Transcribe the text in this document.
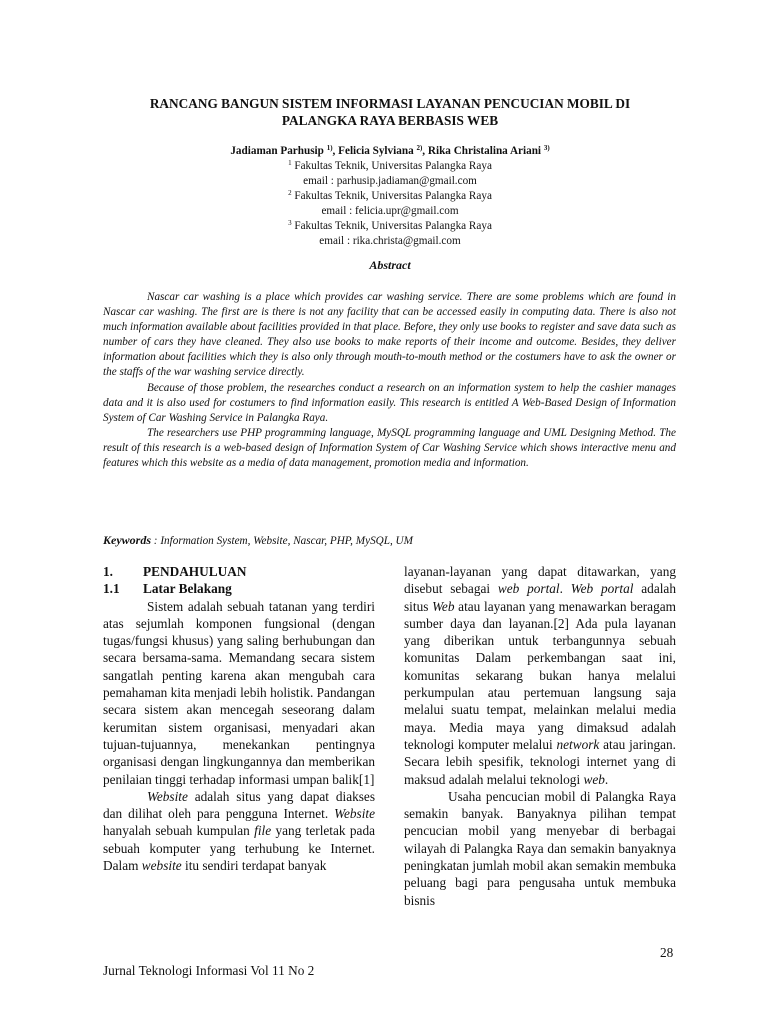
RANCANG BANGUN SISTEM INFORMASI LAYANAN PENCUCIAN MOBIL DI
PALANGKA RAYA BERBASIS WEB
Jadiaman Parhusip $^{1)}$, Felicia Sylviana $^{2)}$, Rika Christalina Ariani $^{3)}$
$^1$ Fakultas Teknik, Universitas Palangka Raya
email : parhusip.jadiaman@gmail.com
$^2$ Fakultas Teknik, Universitas Palangka Raya
email : felicia.upr@gmail.com
$^3$ Fakultas Teknik, Universitas Palangka Raya
email : rika.christa@gmail.com
Abstract

Nascar car washing is a place which provides car washing service. There are some problems which are found in Nascar car washing. The first are is there is not any facility that can be accessed easily in computing data. There is also not much information available about facilities provided in that place. Before, they only use books to register and save data such as number of cars they have cleaned. They also use books to make reports of their income and outcome. Besides, they deliver information about facilities which they is also only through mouth-to-mouth method or the costumers have to ask the owner or the staffs of the war washing service directly.

Because of those problem, the researches conduct a research on an information system to help the cashier manages data and it is also used for costumers to find information easily. This research is entitled A Web-Based Design of Information System of Car Washing Service in Palangka Raya.

The researchers use PHP programming language, MySQL programming language and UML Designing Method. The result of this research is a web-based design of Information System of Car Washing Service which shows interactive menu and features which this website as a media of data management, promotion media and information.

Keywords : Information System, Website, Nascar, PHP, MySQL, UM
1.	PENDAHULUAN
1.1	Latar Belakang

Sistem adalah sebuah tatanan yang terdiri atas sejumlah komponen fungsional (dengan tugas/fungsi khusus) yang saling berhubungan dan secara bersama-sama. Memandang secara sistem sangatlah penting karena akan mengubah cara pemahaman kita menjadi lebih holistik. Pandangan secara sistem akan mencegah seseorang dalam kerumitan sistem organisasi, menyadari akan tujuan-tujuannya, menekankan pentingnya organisasi dengan lingkungannya dan memberikan penilaian tinggi terhadap informasi umpan balik[1]

Website adalah situs yang dapat diakses dan dilihat oleh para pengguna Internet. Website hanyalah sebuah kumpulan file yang terletak pada sebuah komputer yang terhubung ke Internet. Dalam website itu sendiri terdapat banyak

layanan-layanan yang dapat ditawarkan, yang disebut sebagai web portal. Web portal adalah situs Web atau layanan yang menawarkan beragam sumber daya dan layanan.[2] Ada pula layanan yang diberikan untuk terbangunnya sebuah komunitas Dalam perkembangan saat ini, komunitas sekarang bukan hanya melalui perkumpulan atau pertemuan langsung saja melalui suatu tempat, melainkan melalui media maya. Media maya yang dimaksud adalah teknologi komputer melalui network atau jaringan. Secara lebih spesifik, teknologi internet yang di maksud adalah melalui teknologi web.

Usaha pencucian mobil di Palangka Raya semakin banyak. Banyaknya pilihan tempat pencucian mobil yang menyebar di berbagai wilayah di Palangka Raya dan semakin banyaknya peningkatan jumlah mobil akan semakin membuka peluang bagi para pengusaha untuk membuka bisnis

28
Jurnal Teknologi Informasi Vol 11 No 2
